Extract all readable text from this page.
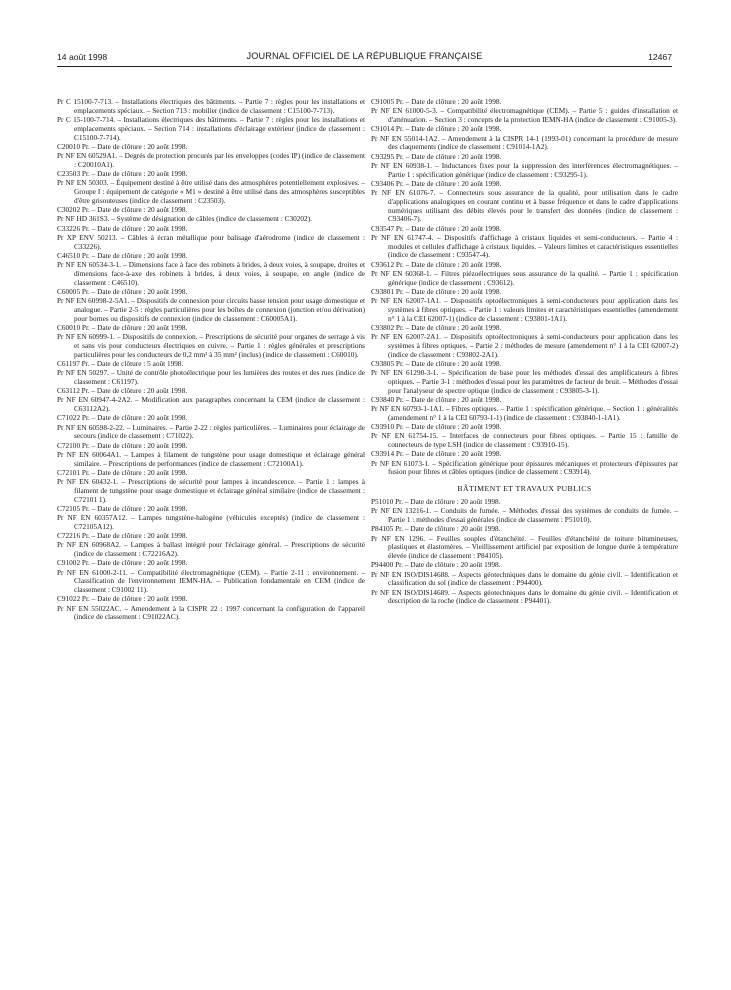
14 août 1998	JOURNAL OFFICIEL DE LA RÉPUBLIQUE FRANÇAISE	12467
Pr C 15100-7-713. – Installations électriques des bâtiments. – Partie 7 : règles pour les installations et emplacements spéciaux. – Section 713 : mobilier (indice de classement : C15100-7-713).
Pr C 15-100-7-714. – Installations électriques des bâtiments. – Partie 7 : règles pour les installations et emplacements spéciaux. – Section 714 : installations d'éclairage extérieur (indice de classement : C15100-7-714).
C20010 Pr. – Date de clôture : 20 août 1998.
Pr NF EN 60529A1. – Degrés de protection procurés par les enveloppes (codes IP) (indice de classement : C20010A1).
C23503 Pr. – Date de clôture : 20 août 1998.
Pr NF EN 50303. – Équipement destiné à être utilisé dans des atmosphères potentiellement explosives. – Groupe I : équipement de catégorie « M1 » destiné à être utilisé dans des atmosphères susceptibles d'être grisouteuses (indice de classement : C23503).
C30202 Pr. – Date de clôture : 20 août 1998.
Pr NF HD 361S3. – Système de désignation de câbles (indice de classement : C30202).
C33226 Pr. – Date de clôture : 20 août 1998.
Pr XP ENV 50213. – Câbles à écran métallique pour balisage d'aérodrome (indice de classement : C33226).
C46510 Pr. – Date de clôture : 20 août 1998.
Pr NF EN 60534-3-1. – Dimensions face à face des robinets à brides, à deux voies, à soupape, droites et dimensions face-à-axe des robinets à brides, à deux voies, à soupape, en angle (indice de classement : C46510).
C60005 Pr. – Date de clôture : 20 août 1998.
Pr NF EN 60998-2-5A1. – Dispositifs de connexion pour circuits basse tension pour usage domestique et analogue. – Partie 2-5 : règles particulières pour les boîtes de connexion (jonction et/ou dérivation) pour bornes ou dispositifs de connexion (indice de classement : C60005A1).
C60010 Pr. – Date de clôture : 20 août 1998.
Pr NF EN 60999-1. – Dispositifs de connexion. – Prescriptions de sécurité pour organes de serrage à vis et sans vis pour conducteurs électriques en cuivre. – Partie 1 : règles générales et prescriptions particulières pour les conducteurs de 0,2 mm² à 35 mm² (inclus) (indice de classement : C60010).
C61197 Pr. – Date de clôture : 5 août 1998.
Pr NF EN 50297. – Unité de contrôle photoélectrique pour les lumières des routes et des rues (indice de classement : C61197).
C63112 Pr. – Date de clôture : 20 août 1998.
Pr NF EN 60947-4-2A2. – Modification aux paragraphes concernant la CEM (indice de classement : C63112A2).
C71022 Pr. – Date de clôture : 20 août 1998.
Pr NF EN 60598-2-22. – Luminaires. – Partie 2-22 : règles particulières. – Luminaires pour éclairage de secours (indice de classement : C71022).
C72100 Pr. – Date de clôture : 20 août 1998.
Pr NF EN 60064A1. – Lampes à filament de tungstène pour usage domestique et éclairage général similaire. – Prescriptions de performances (indice de classement : C72100A1).
C72101 Pr. – Date de clôture : 20 août 1998.
Pr NF EN 60432-1. – Prescriptions de sécurité pour lampes à incandescence. – Partie 1 : lampes à filament de tungstène pour usage domestique et éclairage général similaire (indice de classement : C72101 1).
C72105 Pr. – Date de clôture : 20 août 1998.
Pr NF EN 60357A12. – Lampes tungstène-halogène (véhicules exceptés) (indice de classement : C72105A12).
C72216 Pr. – Date de clôture : 20 août 1998.
Pr NF EN 60968A2. – Lampes à ballast intégré pour l'éclairage général. – Prescriptions de sécurité (indice de classement : C72216A2).
C91002 Pr. – Date de clôture : 20 août 1998.
Pr NF EN 61000-2-11. – Compatibilité électromagnétique (CEM). – Partie 2-11 : environnement. – Classification de l'environnement IEMN-HA. – Publication fondamentale en CEM (indice de classement : C91002 11).
C91022 Pr. – Date de clôture : 20 août 1998.
Pr NF EN 55022AC. – Amendement à la CISPR 22 : 1997 concernant la configuration de l'appareil (indice de classement : C91022AC).
C91005 Pr. – Date de clôture : 20 août 1998.
Pr NF EN 61000-5-3. – Compatibilité électromagnétique (CEM). – Partie 5 : guides d'installation et d'atténuation. – Section 3 : concepts de la protection IEMN-HA (indice de classement : C91005-3).
C91014 Pr. – Date de clôture : 20 août 1998.
Pr NF EN 55014-1A2. – Amendement à la CISPR 14-1 (1993-01) concernant la procédure de mesure des claquements (indice de classement : C91014-1A2).
C93295 Pr. – Date de clôture : 20 août 1998.
Pr NF EN 60938-1. – Inductances fixes pour la suppression des interférences électromagnétiques. – Partie 1 : spécification générique (indice de classement : C93295-1).
C93406 Pr. – Date de clôture : 20 août 1998.
Pr NF EN 61076-7. – Connecteurs sous assurance de la qualité, pour utilisation dans le cadre d'applications analogiques en courant continu et à basse fréquence et dans le cadre d'applications numériques utilisant des débits élevés pour le transfert des données (indice de classement : C93406-7).
C93547 Pr. – Date de clôture : 20 août 1998.
Pr NF EN 61747-4. – Dispositifs d'affichage à cristaux liquides et semi-conducteurs. – Partie 4 : modules et cellules d'affichage à cristaux liquides. – Valeurs limites et caractéristiques essentielles (indice de classement : C93547-4).
C93612 Pr. – Date de clôture : 20 août 1998.
Pr NF EN 60368-1. – Filtres piézoélectriques sous assurance de la qualité. – Partie 1 : spécification générique (indice de classement : C93612).
C93801 Pr. – Date de clôture : 20 août 1998.
Pr NF EN 62007-1A1. – Dispositifs optoélectroniques à semi-conducteurs pour application dans les systèmes à fibres optiques. – Partie 1 : valeurs limites et caractéristiques essentielles (amendement n° 1 à la CEI 62007-1) (indice de classement : C93801-1A1).
C93802 Pr. – Date de clôture : 20 août 1998.
Pr NF EN 62007-2A1. – Dispositifs optoélectroniques à semi-conducteurs pour application dans les systèmes à fibres optiques. – Partie 2 : méthodes de mesure (amendement n° 1 à la CEI 62007-2) (indice de classement : C93802-2A1).
C93805 Pr. – Date de clôture : 20 août 1998.
Pr NF EN 61290-3-1. – Spécification de base pour les méthodes d'essai des amplificateurs à fibres optiques. – Partie 3-1 : méthodes d'essai pour les paramètres de facteur de bruit. – Méthodes d'essai pour l'analyseur de spectre optique (indice de classement : C93805-3-1).
C93840 Pr. – Date de clôture : 20 août 1998.
Pr NF EN 60793-1-1A1. – Fibres optiques. – Partie 1 : spécification générique. – Section 1 : généralités (amendement n° 1 à la CEI 60793-1-1) (indice de classement : C93840-1-1A1).
C93910 Pr. – Date de clôture : 20 août 1998.
Pr NF EN 61754-15. – Interfaces de connecteurs pour fibres optiques. – Partie 15 : famille de connecteurs de type LSH (indice de classement : C93910-15).
C93914 Pr. – Date de clôture : 20 août 1998.
Pr NF EN 61073-1. – Spécification générique pour épissures mécaniques et protecteurs d'épissures par fusion pour fibres et câbles optiques (indice de classement : C93914).
BÂTIMENT ET TRAVAUX PUBLICS
P51010 Pr. – Date de clôture : 20 août 1998.
Pr NF EN 13216-1. – Conduits de fumée. – Méthodes d'essai des systèmes de conduits de fumée. – Partie 1 : méthodes d'essai générales (indice de classement : P51010).
P84105 Pr. – Date de clôture : 20 août 1998.
Pr NF EN 1296. – Feuilles souples d'étanchéité. – Feuilles d'étanchéité de toiture bitumineuses, plastiques et élastomères. – Vieillissement artificiel par exposition de longue durée à température élevée (indice de classement : P84105).
P94400 Pr. – Date de clôture : 20 août 1998.
Pr NF EN ISO/DIS14688. – Aspects géotechniques dans le domaine du génie civil. – Identification et classification du sol (indice de classement : P94400).
Pr NF EN ISO/DIS14689. – Aspects géotechniques dans le domaine du génie civil. – Identification et description de la roche (indice de classement : P94401).
